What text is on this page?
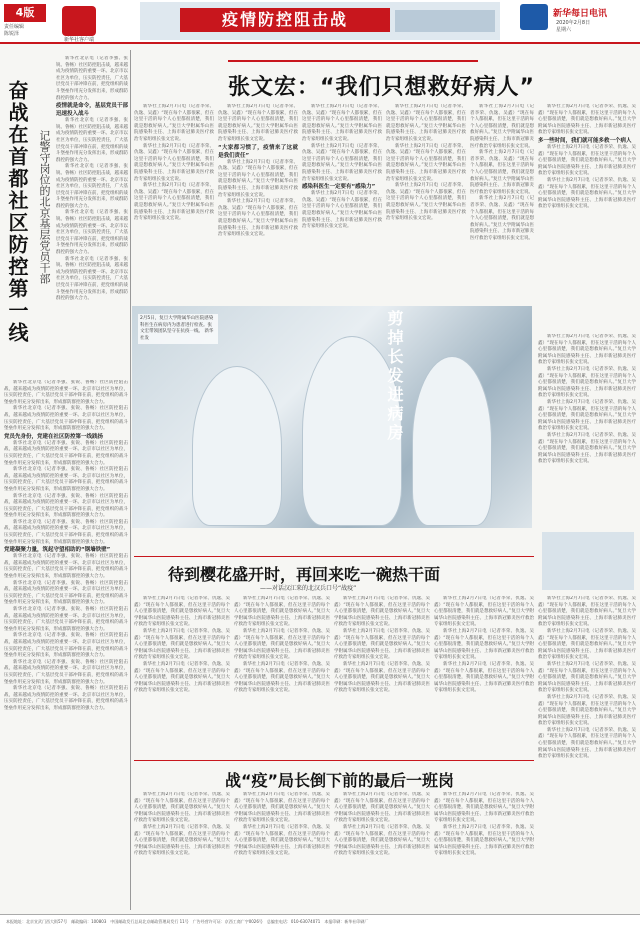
4版
责任编辑
陈锐泽
新华社客户端
疫情防控阻击战	新华每日电讯
2020年2月8日
星期六
奋战在首都社区防控第一线 记警守岗位的北京基层党员干部

新华社北京电（记者李强、张锐、鲁畅）社区防控阻击战，越来越成为疫情防控的重要一环。北京市以社区为单位，压实防控责任，广大基层党员干部冲锋在前，把党组织的战斗堡垒作用充分发挥出来，形成群防群控的强大合力。

疫情就是命令，基层党员干部迅速投入战斗

新华社北京电（记者李强、张锐、鲁畅）社区防控阻击战，越来越成为疫情防控的重要一环。北京市以社区为单位，压实防控责任，广大基层党员干部冲锋在前，把党组织的战斗堡垒作用充分发挥出来，形成群防群控的强大合力。

新华社北京电（记者李强、张锐、鲁畅）社区防控阻击战，越来越成为疫情防控的重要一环。北京市以社区为单位，压实防控责任，广大基层党员干部冲锋在前，把党组织的战斗堡垒作用充分发挥出来，形成群防群控的强大合力。

新华社北京电（记者李强、张锐、鲁畅）社区防控阻击战，越来越成为疫情防控的重要一环。北京市以社区为单位，压实防控责任，广大基层党员干部冲锋在前，把党组织的战斗堡垒作用充分发挥出来，形成群防群控的强大合力。

新华社北京电（记者李强、张锐、鲁畅）社区防控阻击战，越来越成为疫情防控的重要一环。北京市以社区为单位，压实防控责任，广大基层党员干部冲锋在前，把党组织的战斗堡垒作用充分发挥出来，形成群防群控的强大合力。

新华社北京电（记者李强、张锐、鲁畅）社区防控阻击战，越来越成为疫情防控的重要一环。北京市以社区为单位，压实防控责任，广大基层党员干部冲锋在前，把党组织的战斗堡垒作用充分发挥出来，形成群防群控的强大合力。

新华社北京电（记者李强、张锐、鲁畅）社区防控阻击战，越来越成为疫情防控的重要一环。北京市以社区为单位，压实防控责任，广大基层党员干部冲锋在前，把党组织的战斗堡垒作用充分发挥出来，形成群防群控的强大合力。

党员先身份，党建在社区防控第一线践扬

新华社北京电（记者李强、张锐、鲁畅）社区防控阻击战，越来越成为疫情防控的重要一环。北京市以社区为单位，压实防控责任，广大基层党员干部冲锋在前，把党组织的战斗堡垒作用充分发挥出来，形成群防群控的强大合力。

新华社北京电（记者李强、张锐、鲁畅）社区防控阻击战，越来越成为疫情防控的重要一环。北京市以社区为单位，压实防控责任，广大基层党员干部冲锋在前，把党组织的战斗堡垒作用充分发挥出来，形成群防群控的强大合力。

新华社北京电（记者李强、张锐、鲁畅）社区防控阻击战，越来越成为疫情防控的重要一环。北京市以社区为单位，压实防控责任，广大基层党员干部冲锋在前，把党组织的战斗堡垒作用充分发挥出来，形成群防群控的强大合力。

新华社北京电（记者李强、张锐、鲁畅）社区防控阻击战，越来越成为疫情防控的重要一环。北京市以社区为单位，压实防控责任，广大基层党员干部冲锋在前，把党组织的战斗堡垒作用充分发挥出来，形成群防群控的强大合力。

党建凝聚力量，筑起守望相助的“钢墙铁壁”

新华社北京电（记者李强、张锐、鲁畅）社区防控阻击战，越来越成为疫情防控的重要一环。北京市以社区为单位，压实防控责任，广大基层党员干部冲锋在前，把党组织的战斗堡垒作用充分发挥出来，形成群防群控的强大合力。

新华社北京电（记者李强、张锐、鲁畅）社区防控阻击战，越来越成为疫情防控的重要一环。北京市以社区为单位，压实防控责任，广大基层党员干部冲锋在前，把党组织的战斗堡垒作用充分发挥出来，形成群防群控的强大合力。

新华社北京电（记者李强、张锐、鲁畅）社区防控阻击战，越来越成为疫情防控的重要一环。北京市以社区为单位，压实防控责任，广大基层党员干部冲锋在前，把党组织的战斗堡垒作用充分发挥出来，形成群防群控的强大合力。

新华社北京电（记者李强、张锐、鲁畅）社区防控阻击战，越来越成为疫情防控的重要一环。北京市以社区为单位，压实防控责任，广大基层党员干部冲锋在前，把党组织的战斗堡垒作用充分发挥出来，形成群防群控的强大合力。

新华社北京电（记者李强、张锐、鲁畅）社区防控阻击战，越来越成为疫情防控的重要一环。北京市以社区为单位，压实防控责任，广大基层党员干部冲锋在前，把党组织的战斗堡垒作用充分发挥出来，形成群防群控的强大合力。

新华社北京电（记者李强、张锐、鲁畅）社区防控阻击战，越来越成为疫情防控的重要一环。北京市以社区为单位，压实防控责任，广大基层党员干部冲锋在前，把党组织的战斗堡垒作用充分发挥出来，形成群防群控的强大合力。

张文宏：“我们只想救好病人”

新华社上海2月7日电（记者李荣、仇逸、吴鑫）“现在每个人都很累，但在这里干活的每个人心里都很清楚，我们就是想救好病人。”复旦大学附属华山医院感染科主任、上海市新冠肺炎医疗救治专家组组长张文宏说。

新华社上海2月7日电（记者李荣、仇逸、吴鑫）“现在每个人都很累，但在这里干活的每个人心里都很清楚，我们就是想救好病人。”复旦大学附属华山医院感染科主任、上海市新冠肺炎医疗救治专家组组长张文宏说。

新华社上海2月7日电（记者李荣、仇逸、吴鑫）“现在每个人都很累，但在这里干活的每个人心里都很清楚，我们就是想救好病人。”复旦大学附属华山医院感染科主任、上海市新冠肺炎医疗救治专家组组长张文宏说。

新华社上海2月7日电（记者李荣、仇逸、吴鑫）“现在每个人都很累，但在这里干活的每个人心里都很清楚，我们就是想救好病人。”复旦大学附属华山医院感染科主任、上海市新冠肺炎医疗救治专家组组长张文宏说。

“大家都习惯了，疫情来了这就是我们责任”

新华社上海2月7日电（记者李荣、仇逸、吴鑫）“现在每个人都很累，但在这里干活的每个人心里都很清楚，我们就是想救好病人。”复旦大学附属华山医院感染科主任、上海市新冠肺炎医疗救治专家组组长张文宏说。

新华社上海2月7日电（记者李荣、仇逸、吴鑫）“现在每个人都很累，但在这里干活的每个人心里都很清楚，我们就是想救好病人。”复旦大学附属华山医院感染科主任、上海市新冠肺炎医疗救治专家组组长张文宏说。

新华社上海2月7日电（记者李荣、仇逸、吴鑫）“现在每个人都很累，但在这里干活的每个人心里都很清楚，我们就是想救好病人。”复旦大学附属华山医院感染科主任、上海市新冠肺炎医疗救治专家组组长张文宏说。

新华社上海2月7日电（记者李荣、仇逸、吴鑫）“现在每个人都很累，但在这里干活的每个人心里都很清楚，我们就是想救好病人。”复旦大学附属华山医院感染科主任、上海市新冠肺炎医疗救治专家组组长张文宏说。

感染科医生一定要有“感染力”

新华社上海2月7日电（记者李荣、仇逸、吴鑫）“现在每个人都很累，但在这里干活的每个人心里都很清楚，我们就是想救好病人。”复旦大学附属华山医院感染科主任、上海市新冠肺炎医疗救治专家组组长张文宏说。

新华社上海2月7日电（记者李荣、仇逸、吴鑫）“现在每个人都很累，但在这里干活的每个人心里都很清楚，我们就是想救好病人。”复旦大学附属华山医院感染科主任、上海市新冠肺炎医疗救治专家组组长张文宏说。

新华社上海2月7日电（记者李荣、仇逸、吴鑫）“现在每个人都很累，但在这里干活的每个人心里都很清楚，我们就是想救好病人。”复旦大学附属华山医院感染科主任、上海市新冠肺炎医疗救治专家组组长张文宏说。

新华社上海2月7日电（记者李荣、仇逸、吴鑫）“现在每个人都很累，但在这里干活的每个人心里都很清楚，我们就是想救好病人。”复旦大学附属华山医院感染科主任、上海市新冠肺炎医疗救治专家组组长张文宏说。

新华社上海2月7日电（记者李荣、仇逸、吴鑫）“现在每个人都很累，但在这里干活的每个人心里都很清楚，我们就是想救好病人。”复旦大学附属华山医院感染科主任、上海市新冠肺炎医疗救治专家组组长张文宏说。

新华社上海2月7日电（记者李荣、仇逸、吴鑫）“现在每个人都很累，但在这里干活的每个人心里都很清楚，我们就是想救好病人。”复旦大学附属华山医院感染科主任、上海市新冠肺炎医疗救治专家组组长张文宏说。

新华社上海2月7日电（记者李荣、仇逸、吴鑫）“现在每个人都很累，但在这里干活的每个人心里都很清楚，我们就是想救好病人。”复旦大学附属华山医院感染科主任、上海市新冠肺炎医疗救治专家组组长张文宏说。

新华社上海2月7日电（记者李荣、仇逸、吴鑫）“现在每个人都很累，但在这里干活的每个人心里都很清楚，我们就是想救好病人。”复旦大学附属华山医院感染科主任、上海市新冠肺炎医疗救治专家组组长张文宏说。

多一些时间，我们就可能多救一个病人

新华社上海2月7日电（记者李荣、仇逸、吴鑫）“现在每个人都很累，但在这里干活的每个人心里都很清楚，我们就是想救好病人。”复旦大学附属华山医院感染科主任、上海市新冠肺炎医疗救治专家组组长张文宏说。

新华社上海2月7日电（记者李荣、仇逸、吴鑫）“现在每个人都很累，但在这里干活的每个人心里都很清楚，我们就是想救好病人。”复旦大学附属华山医院感染科主任、上海市新冠肺炎医疗救治专家组组长张文宏说。

新华社上海2月7日电（记者李荣、仇逸、吴鑫）“现在每个人都很累，但在这里干活的每个人心里都很清楚，我们就是想救好病人。”复旦大学附属华山医院感染科主任、上海市新冠肺炎医疗救治专家组组长张文宏说。

新华社上海2月7日电（记者李荣、仇逸、吴鑫）“现在每个人都很累，但在这里干活的每个人心里都很清楚，我们就是想救好病人。”复旦大学附属华山医院感染科主任、上海市新冠肺炎医疗救治专家组组长张文宏说。

新华社上海2月7日电（记者李荣、仇逸、吴鑫）“现在每个人都很累，但在这里干活的每个人心里都很清楚，我们就是想救好病人。”复旦大学附属华山医院感染科主任、上海市新冠肺炎医疗救治专家组组长张文宏说。

新华社上海2月7日电（记者李荣、仇逸、吴鑫）“现在每个人都很累，但在这里干活的每个人心里都很清楚，我们就是想救好病人。”复旦大学附属华山医院感染科主任、上海市新冠肺炎医疗救治专家组组长张文宏说。

2月5日，复旦大学附属华山医院感染科医生在病房内为患者进行检查。张文宏带领团队坚守在抗疫一线。 新华社发	剪掉长发进病房

新华社上海2月7日电（记者李荣、仇逸、吴鑫）“现在每个人都很累，但在这里干活的每个人心里都很清楚，我们就是想救好病人。”复旦大学附属华山医院感染科主任、上海市新冠肺炎医疗救治专家组组长张文宏说。

新华社上海2月7日电（记者李荣、仇逸、吴鑫）“现在每个人都很累，但在这里干活的每个人心里都很清楚，我们就是想救好病人。”复旦大学附属华山医院感染科主任、上海市新冠肺炎医疗救治专家组组长张文宏说。

新华社上海2月7日电（记者李荣、仇逸、吴鑫）“现在每个人都很累，但在这里干活的每个人心里都很清楚，我们就是想救好病人。”复旦大学附属华山医院感染科主任、上海市新冠肺炎医疗救治专家组组长张文宏说。

新华社上海2月7日电（记者李荣、仇逸、吴鑫）“现在每个人都很累，但在这里干活的每个人心里都很清楚，我们就是想救好病人。”复旦大学附属华山医院感染科主任、上海市新冠肺炎医疗救治专家组组长张文宏说。

新华社上海2月7日电（记者李荣、仇逸、吴鑫）“现在每个人都很累，但在这里干活的每个人心里都很清楚，我们就是想救好病人。”复旦大学附属华山医院感染科主任、上海市新冠肺炎医疗救治专家组组长张文宏说。

待到樱花盛开时，再回来吃一碗热干面
——对话汉江来的北汉兵口号“战疫”

新华社上海2月7日电（记者李荣、仇逸、吴鑫）“现在每个人都很累，但在这里干活的每个人心里都很清楚，我们就是想救好病人。”复旦大学附属华山医院感染科主任、上海市新冠肺炎医疗救治专家组组长张文宏说。

新华社上海2月7日电（记者李荣、仇逸、吴鑫）“现在每个人都很累，但在这里干活的每个人心里都很清楚，我们就是想救好病人。”复旦大学附属华山医院感染科主任、上海市新冠肺炎医疗救治专家组组长张文宏说。

新华社上海2月7日电（记者李荣、仇逸、吴鑫）“现在每个人都很累，但在这里干活的每个人心里都很清楚，我们就是想救好病人。”复旦大学附属华山医院感染科主任、上海市新冠肺炎医疗救治专家组组长张文宏说。

新华社上海2月7日电（记者李荣、仇逸、吴鑫）“现在每个人都很累，但在这里干活的每个人心里都很清楚，我们就是想救好病人。”复旦大学附属华山医院感染科主任、上海市新冠肺炎医疗救治专家组组长张文宏说。

新华社上海2月7日电（记者李荣、仇逸、吴鑫）“现在每个人都很累，但在这里干活的每个人心里都很清楚，我们就是想救好病人。”复旦大学附属华山医院感染科主任、上海市新冠肺炎医疗救治专家组组长张文宏说。

新华社上海2月7日电（记者李荣、仇逸、吴鑫）“现在每个人都很累，但在这里干活的每个人心里都很清楚，我们就是想救好病人。”复旦大学附属华山医院感染科主任、上海市新冠肺炎医疗救治专家组组长张文宏说。

新华社上海2月7日电（记者李荣、仇逸、吴鑫）“现在每个人都很累，但在这里干活的每个人心里都很清楚，我们就是想救好病人。”复旦大学附属华山医院感染科主任、上海市新冠肺炎医疗救治专家组组长张文宏说。

新华社上海2月7日电（记者李荣、仇逸、吴鑫）“现在每个人都很累，但在这里干活的每个人心里都很清楚，我们就是想救好病人。”复旦大学附属华山医院感染科主任、上海市新冠肺炎医疗救治专家组组长张文宏说。

新华社上海2月7日电（记者李荣、仇逸、吴鑫）“现在每个人都很累，但在这里干活的每个人心里都很清楚，我们就是想救好病人。”复旦大学附属华山医院感染科主任、上海市新冠肺炎医疗救治专家组组长张文宏说。

新华社上海2月7日电（记者李荣、仇逸、吴鑫）“现在每个人都很累，但在这里干活的每个人心里都很清楚，我们就是想救好病人。”复旦大学附属华山医院感染科主任、上海市新冠肺炎医疗救治专家组组长张文宏说。

新华社上海2月7日电（记者李荣、仇逸、吴鑫）“现在每个人都很累，但在这里干活的每个人心里都很清楚，我们就是想救好病人。”复旦大学附属华山医院感染科主任、上海市新冠肺炎医疗救治专家组组长张文宏说。

新华社上海2月7日电（记者李荣、仇逸、吴鑫）“现在每个人都很累，但在这里干活的每个人心里都很清楚，我们就是想救好病人。”复旦大学附属华山医院感染科主任、上海市新冠肺炎医疗救治专家组组长张文宏说。

战“疫”局长倒下前的最后一班岗

新华社上海2月7日电（记者李荣、仇逸、吴鑫）“现在每个人都很累，但在这里干活的每个人心里都很清楚，我们就是想救好病人。”复旦大学附属华山医院感染科主任、上海市新冠肺炎医疗救治专家组组长张文宏说。

新华社上海2月7日电（记者李荣、仇逸、吴鑫）“现在每个人都很累，但在这里干活的每个人心里都很清楚，我们就是想救好病人。”复旦大学附属华山医院感染科主任、上海市新冠肺炎医疗救治专家组组长张文宏说。

新华社上海2月7日电（记者李荣、仇逸、吴鑫）“现在每个人都很累，但在这里干活的每个人心里都很清楚，我们就是想救好病人。”复旦大学附属华山医院感染科主任、上海市新冠肺炎医疗救治专家组组长张文宏说。

新华社上海2月7日电（记者李荣、仇逸、吴鑫）“现在每个人都很累，但在这里干活的每个人心里都很清楚，我们就是想救好病人。”复旦大学附属华山医院感染科主任、上海市新冠肺炎医疗救治专家组组长张文宏说。

新华社上海2月7日电（记者李荣、仇逸、吴鑫）“现在每个人都很累，但在这里干活的每个人心里都很清楚，我们就是想救好病人。”复旦大学附属华山医院感染科主任、上海市新冠肺炎医疗救治专家组组长张文宏说。

新华社上海2月7日电（记者李荣、仇逸、吴鑫）“现在每个人都很累，但在这里干活的每个人心里都很清楚，我们就是想救好病人。”复旦大学附属华山医院感染科主任、上海市新冠肺炎医疗救治专家组组长张文宏说。

新华社上海2月7日电（记者李荣、仇逸、吴鑫）“现在每个人都很累，但在这里干活的每个人心里都很清楚，我们就是想救好病人。”复旦大学附属华山医院感染科主任、上海市新冠肺炎医疗救治专家组组长张文宏说。

新华社上海2月7日电（记者李荣、仇逸、吴鑫）“现在每个人都很累，但在这里干活的每个人心里都很清楚，我们就是想救好病人。”复旦大学附属华山医院感染科主任、上海市新冠肺炎医疗救治专家组组长张文宏说。

本报地址：北京宣武门西大街57号　邮政编码：100803　中国邮政发行总局北京邮政管理局发行 11号　广告经营许可证：京西工商广字0026号　总编室电话：010-63074071　本报印刷：新华社印刷厂
